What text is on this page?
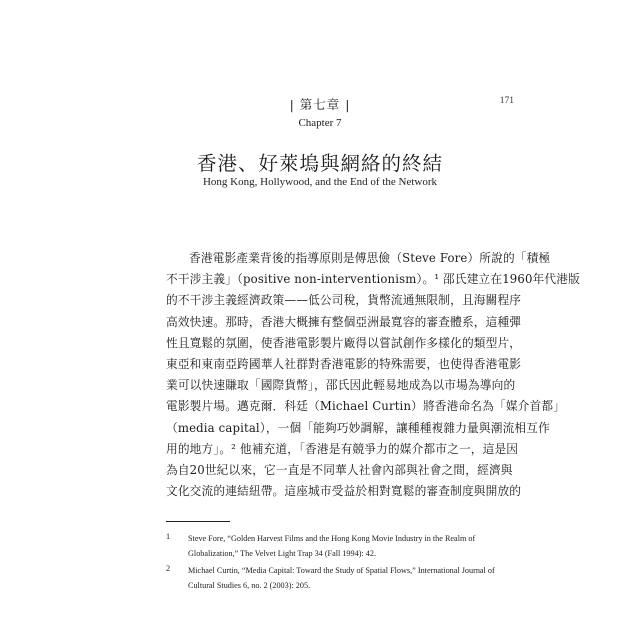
| 第七章 |	171
Chapter 7
香港、好萊塢與網絡的終結
Hong Kong, Hollywood, and the End of the Network
香港電影產業背後的指導原則是傅思儉（Steve Fore）所說的「積極
不干涉主義」（positive non-interventionism）。¹ 邵氏建立在1960年代港版
的不干涉主義經濟政策——低公司稅，貨幣流通無限制，且海關程序
高效快速。那時，香港大概擁有整個亞洲最寬容的審查體系，這種彈
性且寬鬆的氛圍，使香港電影製片廠得以嘗試創作多樣化的類型片，
東亞和東南亞跨國華人社群對香港電影的特殊需要，也使得香港電影
業可以快速賺取「國際貨幣」，邵氏因此輕易地成為以市場為導向的
電影製片場。邁克爾．科廷（Michael Curtin）將香港命名為「媒介首都」
（media capital），一個「能夠巧妙調解，讓種種複雜力量與潮流相互作
用的地方」。² 他補充道，「香港是有競爭力的媒介都市之一，這是因
為自20世紀以來，它一直是不同華人社會內部與社會之間，經濟與
文化交流的連結紐帶。這座城市受益於相對寬鬆的審查制度與開放的
1	Steve Fore, “Golden Harvest Films and the Hong Kong Movie Industry in the Realm of
Globalization,” The Velvet Light Trap 34 (Fall 1994): 42.
2	Michael Curtin, “Media Capital: Toward the Study of Spatial Flows,” International Journal of
Cultural Studies 6, no. 2 (2003): 205.
